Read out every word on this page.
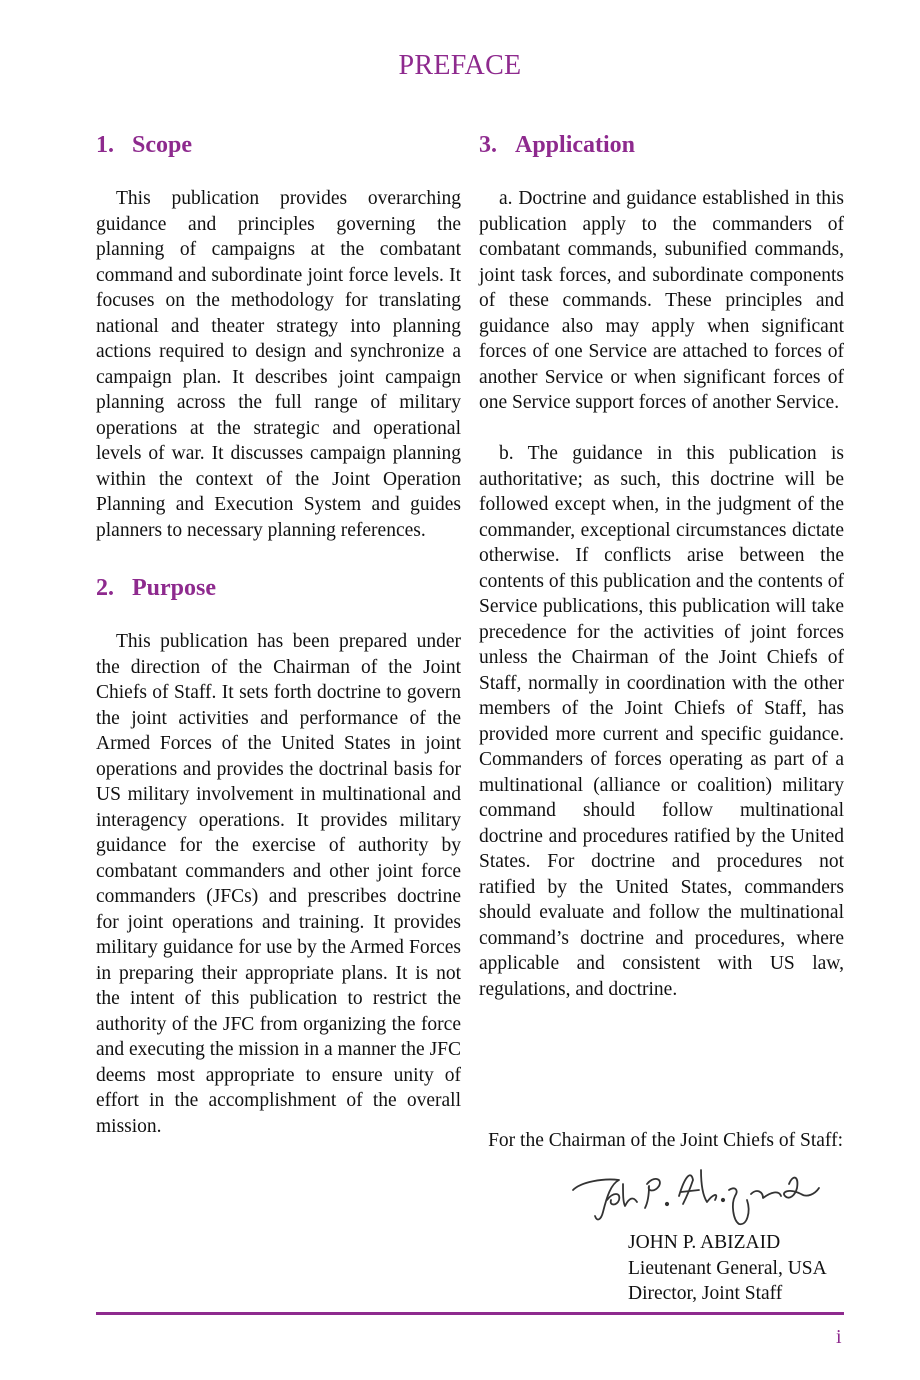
PREFACE
1. Scope

This publication provides overarching guidance and principles governing the planning of campaigns at the combatant command and subordinate joint force levels. It focuses on the methodology for translating national and theater strategy into planning actions required to design and synchronize a campaign plan. It describes joint campaign planning across the full range of military operations at the strategic and operational levels of war. It discusses campaign planning within the context of the Joint Operation Planning and Execution System and guides planners to necessary planning references.

2. Purpose

This publication has been prepared under the direction of the Chairman of the Joint Chiefs of Staff. It sets forth doctrine to govern the joint activities and performance of the Armed Forces of the United States in joint operations and provides the doctrinal basis for US military involvement in multinational and interagency operations. It provides military guidance for the exercise of authority by combatant commanders and other joint force commanders (JFCs) and prescribes doctrine for joint operations and training. It provides military guidance for use by the Armed Forces in preparing their appropriate plans. It is not the intent of this publication to restrict the authority of the JFC from organizing the force and executing the mission in a manner the JFC deems most appropriate to ensure unity of effort in the accomplishment of the overall mission.

3. Application

a. Doctrine and guidance established in this publication apply to the commanders of combatant commands, subunified commands, joint task forces, and subordinate components of these commands. These principles and guidance also may apply when significant forces of one Service are attached to forces of another Service or when significant forces of one Service support forces of another Service.

b. The guidance in this publication is authoritative; as such, this doctrine will be followed except when, in the judgment of the commander, exceptional circumstances dictate otherwise. If conflicts arise between the contents of this publication and the contents of Service publications, this publication will take precedence for the activities of joint forces unless the Chairman of the Joint Chiefs of Staff, normally in coordination with the other members of the Joint Chiefs of Staff, has provided more current and specific guidance. Commanders of forces operating as part of a multinational (alliance or coalition) military command should follow multinational doctrine and procedures ratified by the United States. For doctrine and procedures not ratified by the United States, commanders should evaluate and follow the multinational command’s doctrine and procedures, where applicable and consistent with US law, regulations, and doctrine.

For the Chairman of the Joint Chiefs of Staff:
JOHN P. ABIZAID
Lieutenant General, USA
Director, Joint Staff
i
